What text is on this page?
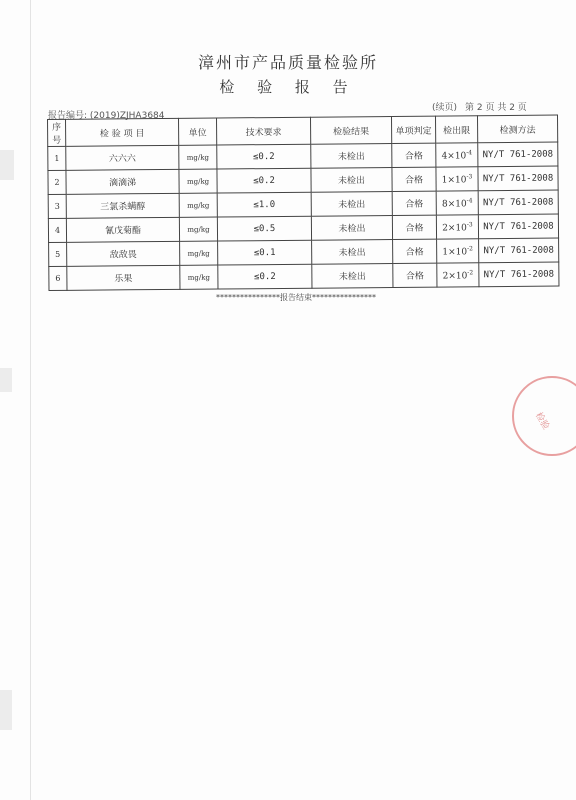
漳州市产品质量检验所
检 验 报 告
报告编号: (2019)ZJHA3684
(续页) 第 2 页 共 2 页
序号	检 验 项 目	单位	技术要求	检验结果	单项判定	检出限	检测方法
1	六六六	mg/kg	≤0.2	未检出	合格	$4\times 10^{-4}$	NY/T 761-2008
2	滴滴涕	mg/kg	≤0.2	未检出	合格	$1\times 10^{-3}$	NY/T 761-2008
3	三氯杀螨醇	mg/kg	≤1.0	未检出	合格	$8\times 10^{-4}$	NY/T 761-2008
4	氰戊菊酯	mg/kg	≤0.5	未检出	合格	$2\times 10^{-3}$	NY/T 761-2008
5	敌敌畏	mg/kg	≤0.1	未检出	合格	$1\times 10^{-2}$	NY/T 761-2008
6	乐果	mg/kg	≤0.2	未检出	合格	$2\times 10^{-2}$	NY/T 761-2008
****************报告结束****************
检验
